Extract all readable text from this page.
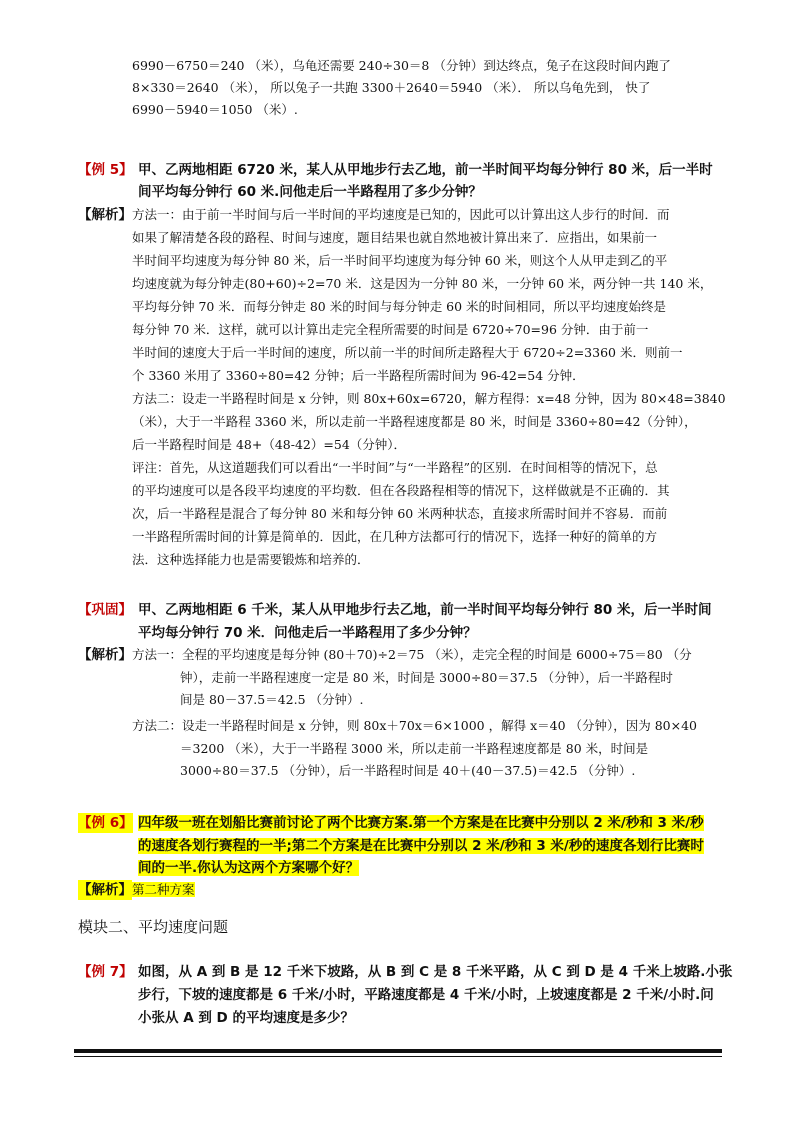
6990－6750＝240 （米），乌龟还需要 240÷30＝8 （分钟）到达终点，兔子在这段时间内跑了
8×330＝2640 （米）， 所以兔子一共跑 3300＋2640＝5940 （米）． 所以乌龟先到， 快了
6990－5940＝1050 （米）.
【例 5】 甲、乙两地相距 6720 米，某人从甲地步行去乙地，前一半时间平均每分钟行 80 米，后一半时
间平均每分钟行 60 米.问他走后一半路程用了多少分钟？
【解析】 方法一：由于前一半时间与后一半时间的平均速度是已知的，因此可以计算出这人步行的时间．而
如果了解清楚各段的路程、时间与速度，题目结果也就自然地被计算出来了．应指出，如果前一
半时间平均速度为每分钟 80 米，后一半时间平均速度为每分钟 60 米，则这个人从甲走到乙的平
均速度就为每分钟走(80+60)÷2=70 米．这是因为一分钟 80 米，一分钟 60 米，两分钟一共 140 米，
平均每分钟 70 米．而每分钟走 80 米的时间与每分钟走 60 米的时间相同，所以平均速度始终是
每分钟 70 米．这样，就可以计算出走完全程所需要的时间是 6720÷70=96 分钟．由于前一
半时间的速度大于后一半时间的速度，所以前一半的时间所走路程大于 6720÷2=3360 米．则前一
个 3360 米用了 3360÷80=42 分钟；后一半路程所需时间为 96-42=54 分钟．
方法二：设走一半路程时间是 x 分钟，则 80x+60x=6720，解方程得：x=48 分钟，因为 80×48=3840
（米），大于一半路程 3360 米，所以走前一半路程速度都是 80 米，时间是 3360÷80=42（分钟），
后一半路程时间是 48+（48-42）=54（分钟）．
评注：首先，从这道题我们可以看出“一半时间”与“一半路程”的区别．在时间相等的情况下，总
的平均速度可以是各段平均速度的平均数．但在各段路程相等的情况下，这样做就是不正确的．其
次，后一半路程是混合了每分钟 80 米和每分钟 60 米两种状态，直接求所需时间并不容易．而前
一半路程所需时间的计算是简单的．因此，在几种方法都可行的情况下，选择一种好的简单的方
法．这种选择能力也是需要锻炼和培养的．
【巩固】 甲、乙两地相距 6 千米，某人从甲地步行去乙地，前一半时间平均每分钟行 80 米，后一半时间
平均每分钟行 70 米．问他走后一半路程用了多少分钟？
【解析】 方法一：全程的平均速度是每分钟 (80＋70)÷2＝75 （米），走完全程的时间是 6000÷75＝80 （分
钟），走前一半路程速度一定是 80 米，时间是 3000÷80＝37.5 （分钟），后一半路程时
间是 80－37.5＝42.5 （分钟）.
方法二：设走一半路程时间是 x 分钟，则 80x＋70x＝6×1000 ，解得 x＝40 （分钟），因为 80×40
＝3200 （米），大于一半路程 3000 米，所以走前一半路程速度都是 80 米，时间是
3000÷80＝37.5 （分钟），后一半路程时间是 40＋(40－37.5)＝42.5 （分钟）.
【例 6】 四年级一班在划船比赛前讨论了两个比赛方案.第一个方案是在比赛中分别以 2 米/秒和 3 米/秒
的速度各划行赛程的一半;第二个方案是在比赛中分别以 2 米/秒和 3 米/秒的速度各划行比赛时
间的一半.你认为这两个方案哪个好？
【解析】 第二种方案
模块二、平均速度问题
【例 7】 如图，从 A 到 B 是 12 千米下坡路，从 B 到 C 是 8 千米平路，从 C 到 D 是 4 千米上坡路.小张
步行，下坡的速度都是 6 千米/小时，平路速度都是 4 千米/小时，上坡速度都是 2 千米/小时.问
小张从 A 到 D 的平均速度是多少？
